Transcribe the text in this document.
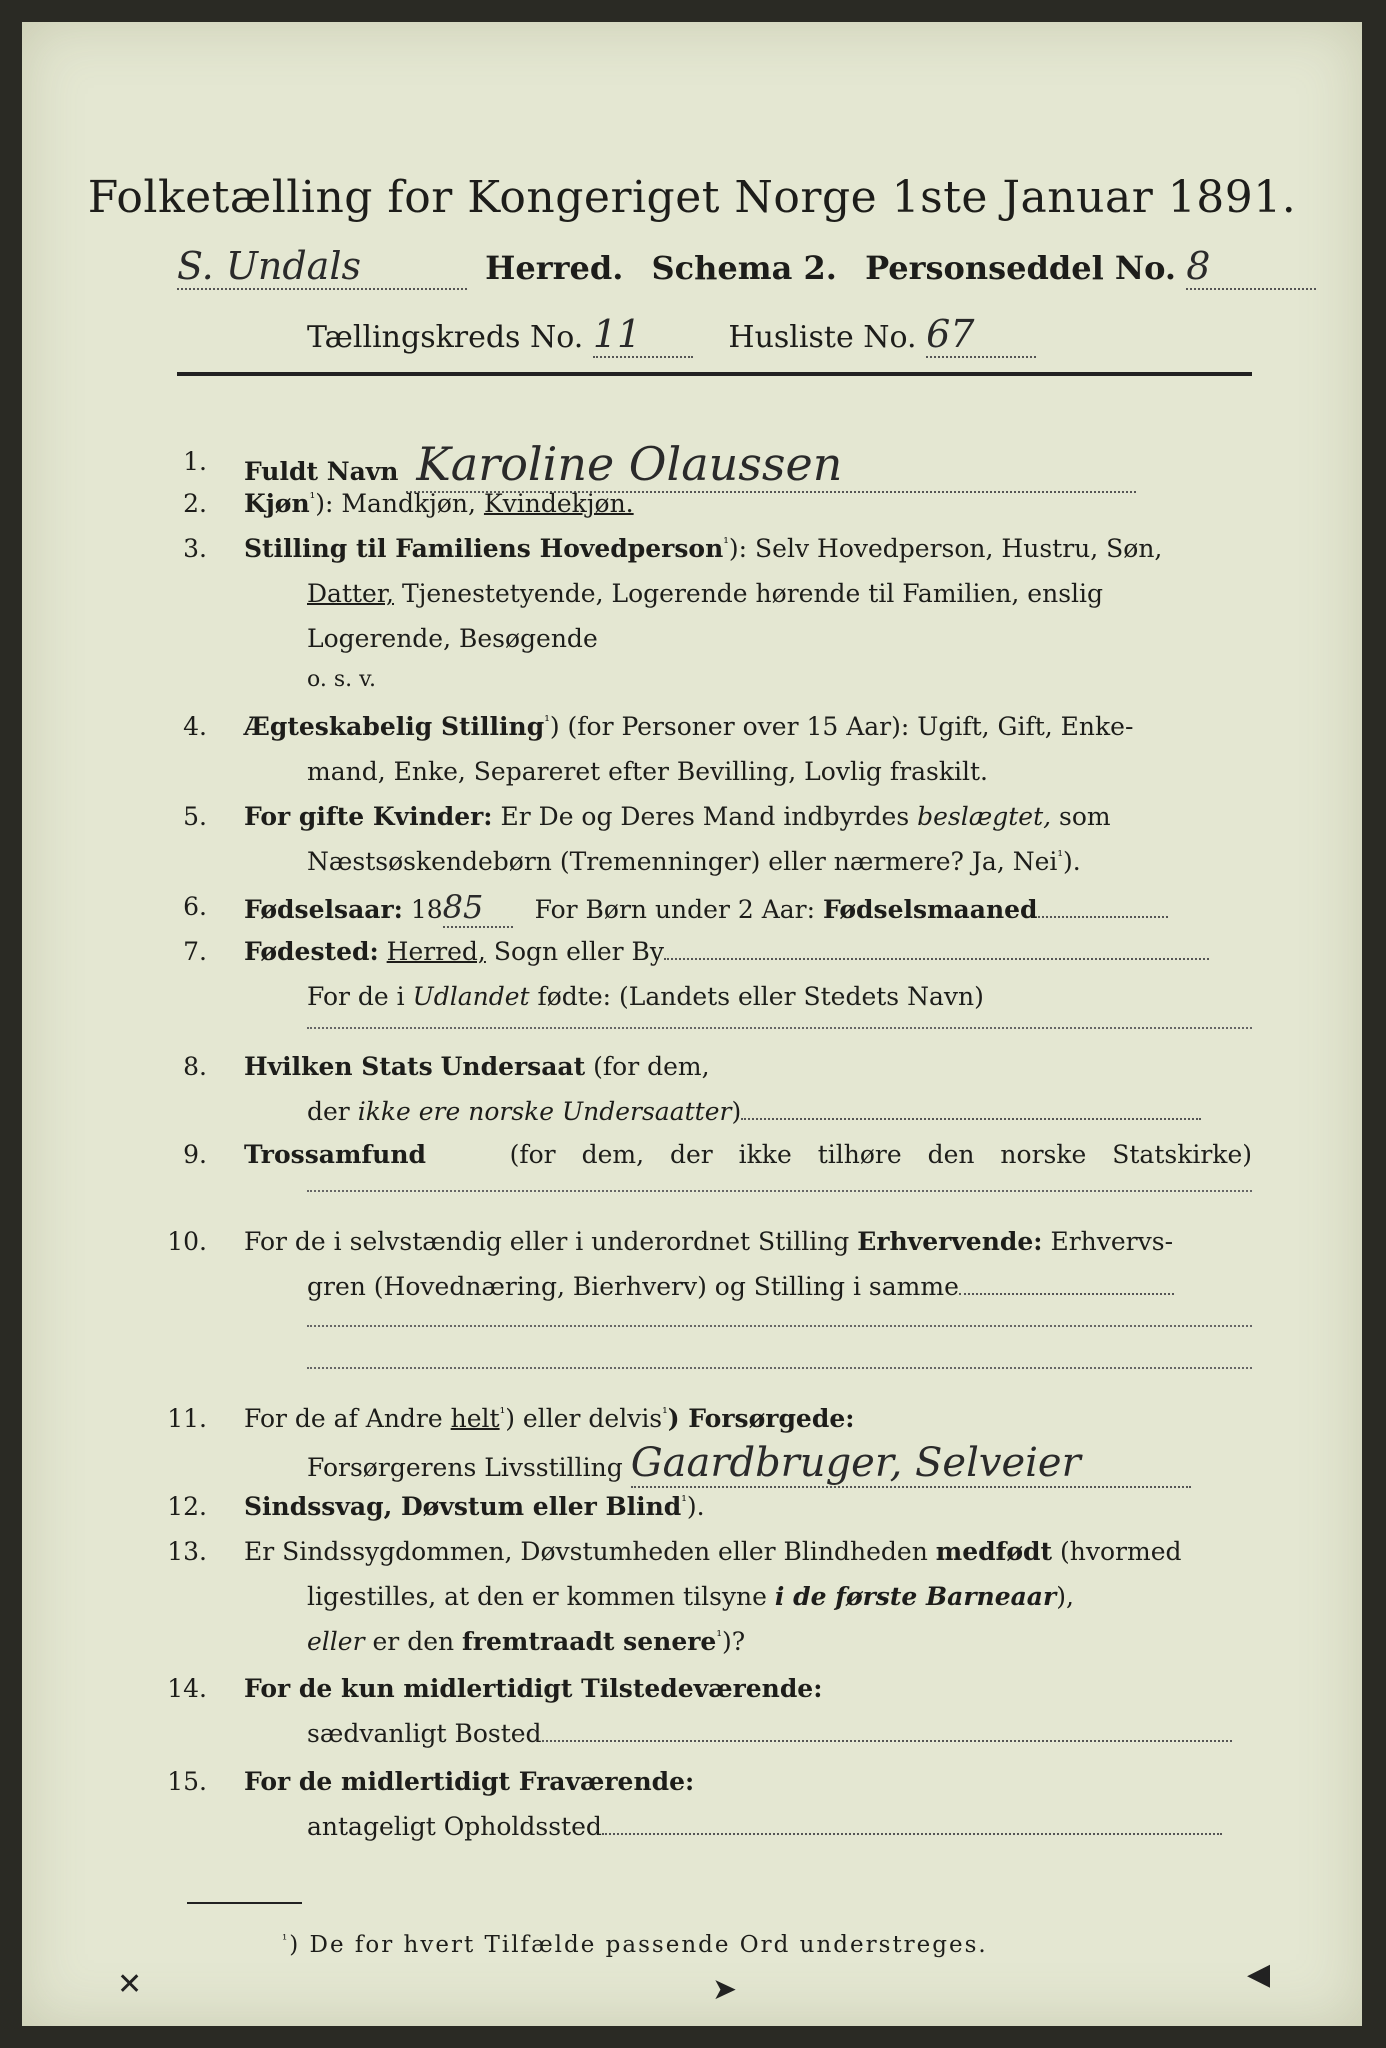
Folketælling for Kongeriget Norge 1ste Januar 1891.
S. Undals	Herred. Schema 2. Personseddel No. 8
Tællingskreds No. 11	Husliste No. 67
1. Fuldt Navn Karoline Olaussen
2. Kjøn$^{^1}$): Mandkjøn, Kvindekjøn.
3. Stilling til Familiens Hovedperson$^{^1}$): Selv Hovedperson, Hustru, Søn,
Datter, Tjenestetyende, Logerende hørende til Familien, enslig
Logerende, Besøgende
o. s. v.
4. Ægteskabelig Stilling$^{^1}$) (for Personer over 15 Aar): Ugift, Gift, Enke-
mand, Enke, Separeret efter Bevilling, Lovlig fraskilt.
5. For gifte Kvinder: Er De og Deres Mand indbyrdes beslægtet, som
Næstsøskendebørn (Tremenninger) eller nærmere? Ja, Nei$^{^1}$).
6. Fødselsaar: 1885 For Børn under 2 Aar: Fødselsmaaned
7. Fødested: Herred, Sogn eller By
For de i Udlandet fødte: (Landets eller Stedets Navn)
8. Hvilken Stats Undersaat (for dem,
der ikke ere norske Undersaatter)
9. Trossamfund	(for dem, der ikke tilhøre den norske Statskirke)
10. For de i selvstændig eller i underordnet Stilling Erhvervende: Erhvervs-
gren (Hovednæring, Bierhverv) og Stilling i samme
11. For de af Andre helt$^{^1}$) eller delvis$^{^1}$) Forsørgede:
Forsørgerens Livsstilling Gaardbruger, Selveier
12. Sindssvag, Døvstum eller Blind$^{^1}$).
13. Er Sindssygdommen, Døvstumheden eller Blindheden medfødt (hvormed
ligestilles, at den er kommen tilsyne i de første Barneaar),
eller er den fremtraadt senere$^{^1}$)?
14. For de kun midlertidigt Tilstedeværende:
sædvanligt Bosted
15. For de midlertidigt Fraværende:
antageligt Opholdssted
$^{^1}$) De for hvert Tilfælde passende Ord understreges.
✕	➤	◀
